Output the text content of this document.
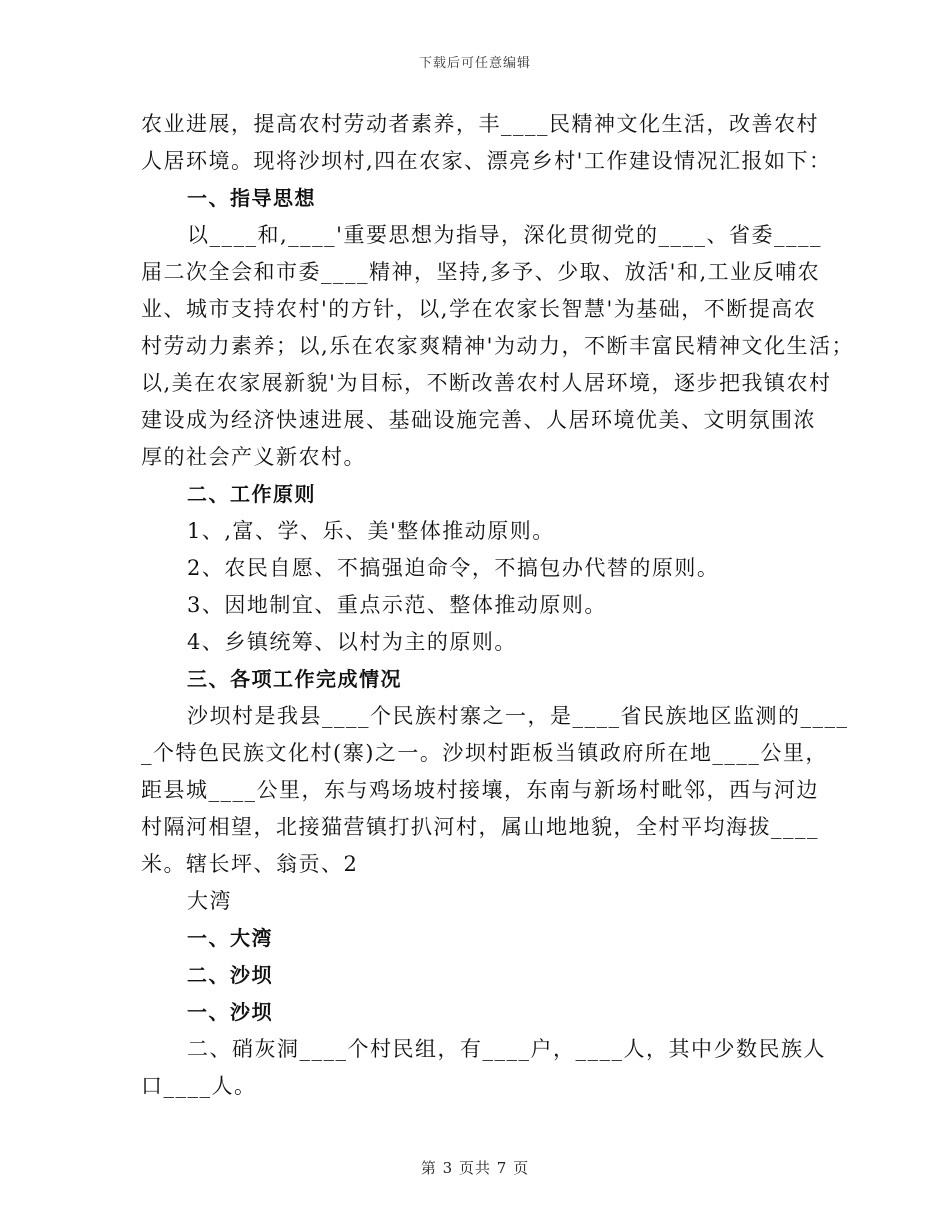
下载后可任意编辑
农业进展，提高农村劳动者素养，丰____民精神文化生活，改善农村
人居环境。现将沙坝村,四在农家、漂亮乡村'工作建设情况汇报如下：
一、指导思想
以____和,____'重要思想为指导，深化贯彻党的____、省委____
届二次全会和市委____精神，坚持,多予、少取、放活'和,工业反哺农
业、城市支持农村'的方针，以,学在农家长智慧'为基础，不断提高农
村劳动力素养；以,乐在农家爽精神'为动力，不断丰富民精神文化生活；
以,美在农家展新貌'为目标，不断改善农村人居环境，逐步把我镇农村
建设成为经济快速进展、基础设施完善、人居环境优美、文明氛围浓
厚的社会产义新农村。
二、工作原则
1、,富、学、乐、美'整体推动原则。
2、农民自愿、不搞强迫命令，不搞包办代替的原则。
3、因地制宜、重点示范、整体推动原则。
4、乡镇统筹、以村为主的原则。
三、各项工作完成情况
沙坝村是我县____个民族村寨之一，是____省民族地区监测的____
_个特色民族文化村(寨)之一。沙坝村距板当镇政府所在地____公里，
距县城____公里，东与鸡场坡村接壤，东南与新场村毗邻，西与河边
村隔河相望，北接猫营镇打扒河村，属山地地貌，全村平均海拔____
米。辖长坪、翁贡、2
大湾
一、大湾
二、沙坝
一、沙坝
二、硝灰洞____个村民组，有____户，____人，其中少数民族人
口____人。
第 3 页共 7 页
